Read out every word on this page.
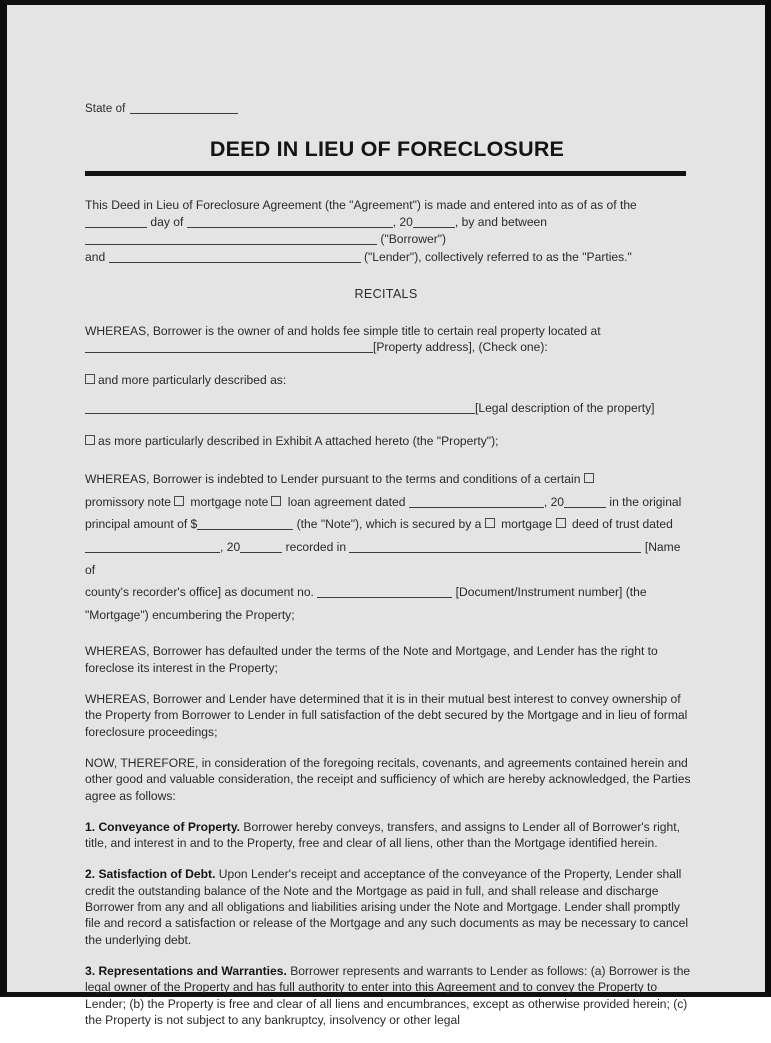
State of
DEED IN LIEU OF FORECLOSURE
This Deed in Lieu of Foreclosure Agreement (the "Agreement") is made and entered into as of as of the
day of	, 20	, by and between  ("Borrower")
and	("Lender"), collectively referred to as the "Parties."
RECITALS

WHEREAS, Borrower is the owner of and holds fee simple title to certain real property located at

[Property address], (Check one):
and more particularly described as:
[Legal description of the property]
as more particularly described in Exhibit A attached hereto (the "Property");
WHEREAS, Borrower is indebted to Lender pursuant to the terms and conditions of a certain
promissory note mortgage note loan agreement dated	, 20	in the original
principal amount of $	(the "Note"), which is secured by a mortgage deed of trust dated
, 20	recorded in	[Name of
county's recorder's office] as document no.	[Document/Instrument number] (the
"Mortgage") encumbering the Property;

WHEREAS, Borrower has defaulted under the terms of the Note and Mortgage, and Lender has the right to foreclose its interest in the Property;

WHEREAS, Borrower and Lender have determined that it is in their mutual best interest to convey ownership of the Property from Borrower to Lender in full satisfaction of the debt secured by the Mortgage and in lieu of formal foreclosure proceedings;

NOW, THEREFORE, in consideration of the foregoing recitals, covenants, and agreements contained herein and other good and valuable consideration, the receipt and sufficiency of which are hereby acknowledged, the Parties agree as follows:

1. Conveyance of Property. Borrower hereby conveys, transfers, and assigns to Lender all of Borrower's right, title, and interest in and to the Property, free and clear of all liens, other than the Mortgage identified herein.

2. Satisfaction of Debt. Upon Lender's receipt and acceptance of the conveyance of the Property, Lender shall credit the outstanding balance of the Note and the Mortgage as paid in full, and shall release and discharge Borrower from any and all obligations and liabilities arising under the Note and Mortgage. Lender shall promptly file and record a satisfaction or release of the Mortgage and any such documents as may be necessary to cancel the underlying debt.

3. Representations and Warranties. Borrower represents and warrants to Lender as follows: (a) Borrower is the legal owner of the Property and has full authority to enter into this Agreement and to convey the Property to Lender; (b) the Property is free and clear of all liens and encumbrances, except as otherwise provided herein; (c) the Property is not subject to any bankruptcy, insolvency or other legal
